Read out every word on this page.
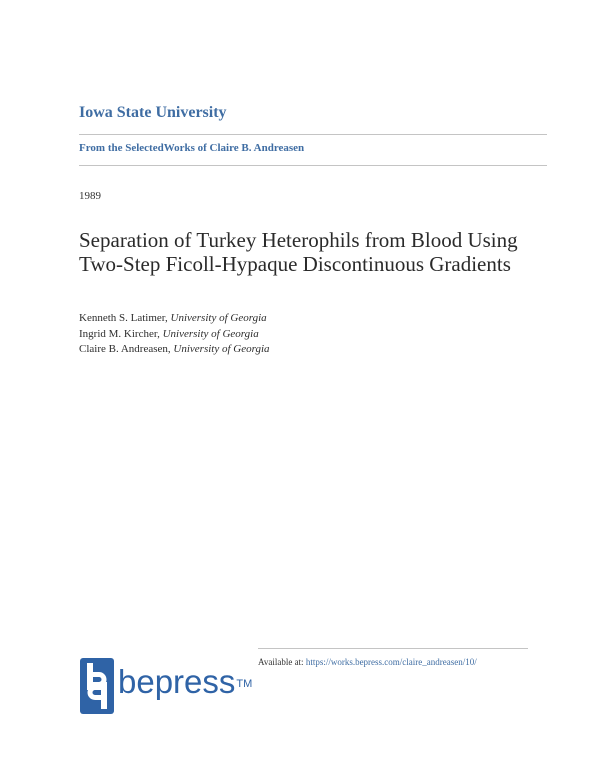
Iowa State University
From the SelectedWorks of Claire B. Andreasen
1989
Separation of Turkey Heterophils from Blood Using Two-Step Ficoll-Hypaque Discontinuous Gradients
Kenneth S. Latimer, University of Georgia
Ingrid M. Kircher, University of Georgia
Claire B. Andreasen, University of Georgia
Available at: https://works.bepress.com/claire_andreasen/10/
bepress™
